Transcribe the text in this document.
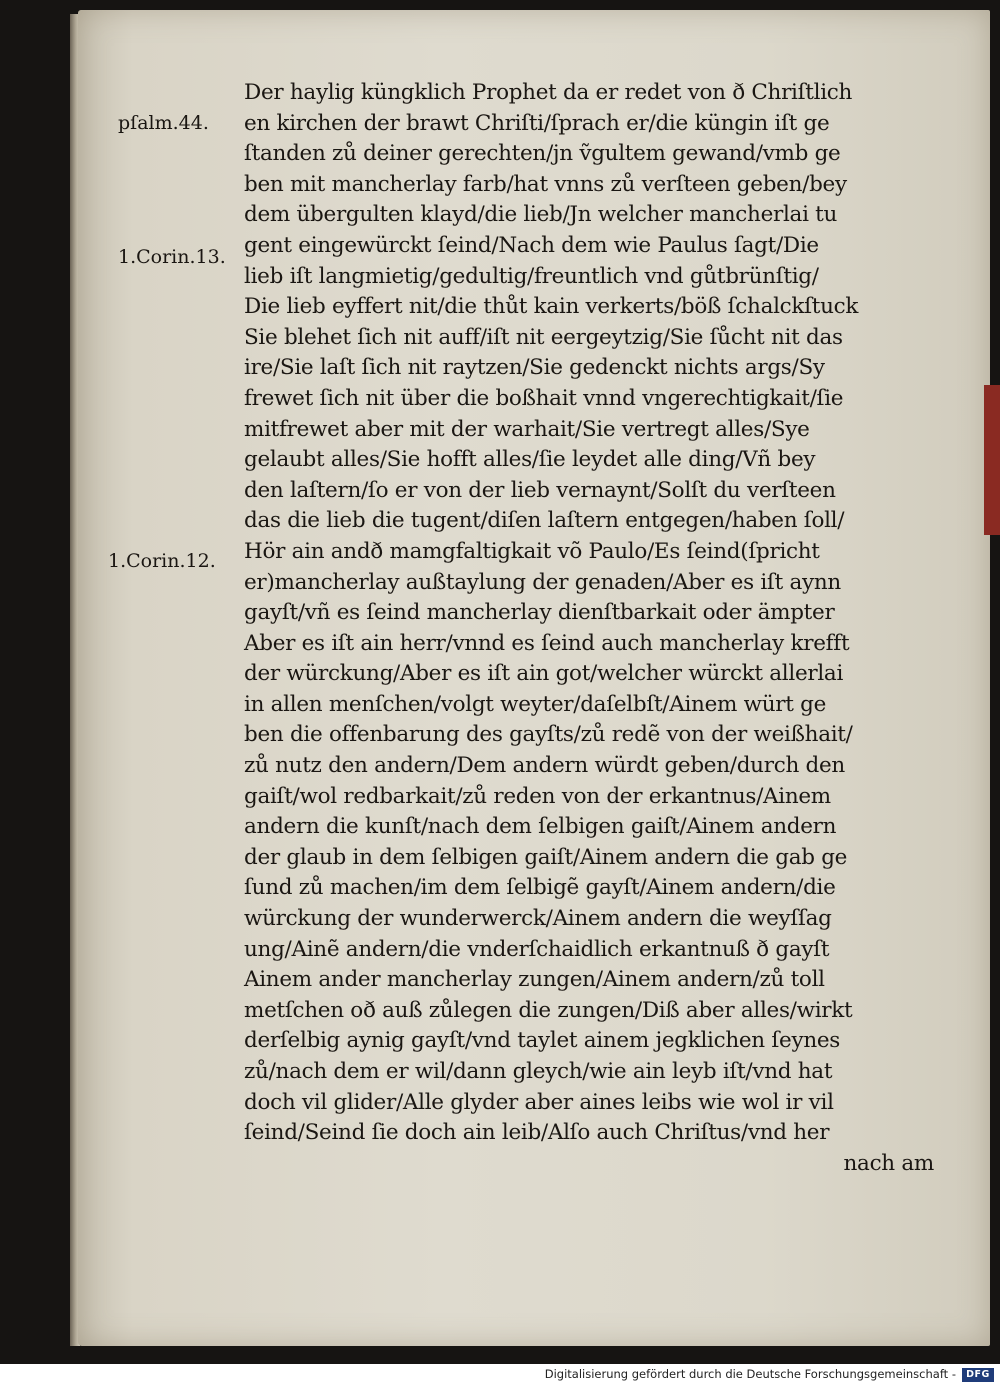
pſalm.44.
1.Corin.13.
1.Corin.12.
Der haylig küngklich Prophet da er redet von ð Chriſtlich
en kirchen der brawt Chriſti/ſprach er/die küngin iſt ge
ſtanden zů deiner gerechten/jn ṽgultem gewand/vmb ge
ben mit mancherlay farb/hat vnns zů verſteen geben/bey
dem übergulten klayd/die lieb/Jn welcher mancherlai tu
gent eingewürckt ſeind/Nach dem wie Paulus ſagt/Die
lieb iſt langmietig/gedultig/freuntlich vnd gůtbrünſtig/
Die lieb eyffert nit/die thůt kain verkerts/böß ſchalckſtuck
Sie blehet ſich nit auff/iſt nit eergeytzig/Sie ſůcht nit das
ire/Sie laſt ſich nit raytzen/Sie gedenckt nichts args/Sy
frewet ſich nit über die boßhait vnnd vngerechtigkait/ſie
mitfrewet aber mit der warhait/Sie vertregt alles/Sye
gelaubt alles/Sie hofft alles/ſie leydet alle ding/Vñ bey
den laſtern/ſo er von der lieb vernaynt/Solſt du verſteen
das die lieb die tugent/diſen laſtern entgegen/haben ſoll/
Hör ain andð mamgfaltigkait võ Paulo/Es ſeind(ſpricht
er)mancherlay außtaylung der genaden/Aber es iſt aynn
gayſt/vñ es ſeind mancherlay dienſtbarkait oder ämpter
Aber es iſt ain herr/vnnd es ſeind auch mancherlay krefft
der würckung/Aber es iſt ain got/welcher würckt allerlai
in allen menſchen/volgt weyter/daſelbſt/Ainem würt ge
ben die offenbarung des gayſts/zů redẽ von der weißhait/
zů nutz den andern/Dem andern würdt geben/durch den
gaiſt/wol redbarkait/zů reden von der erkantnus/Ainem
andern die kunſt/nach dem ſelbigen gaiſt/Ainem andern
der glaub in dem ſelbigen gaiſt/Ainem andern die gab ge
ſund zů machen/im dem ſelbigẽ gayſt/Ainem andern/die
würckung der wunderwerck/Ainem andern die weyſſag
ung/Ainẽ andern/die vnderſchaidlich erkantnuß ð gayſt
Ainem ander mancherlay zungen/Ainem andern/zů toll
metſchen oð auß zůlegen die zungen/Diß aber alles/wirkt
derſelbig aynig gayſt/vnd taylet ainem jegklichen ſeynes
zů/nach dem er wil/dann gleych/wie ain leyb iſt/vnd hat
doch vil glider/Alle glyder aber aines leibs wie wol ir vil
ſeind/Seind ſie doch ain leib/Alſo auch Chriſtus/vnd her
nach am
Digitalisierung gefördert durch die Deutsche Forschungsgemeinschaft -	DFG
